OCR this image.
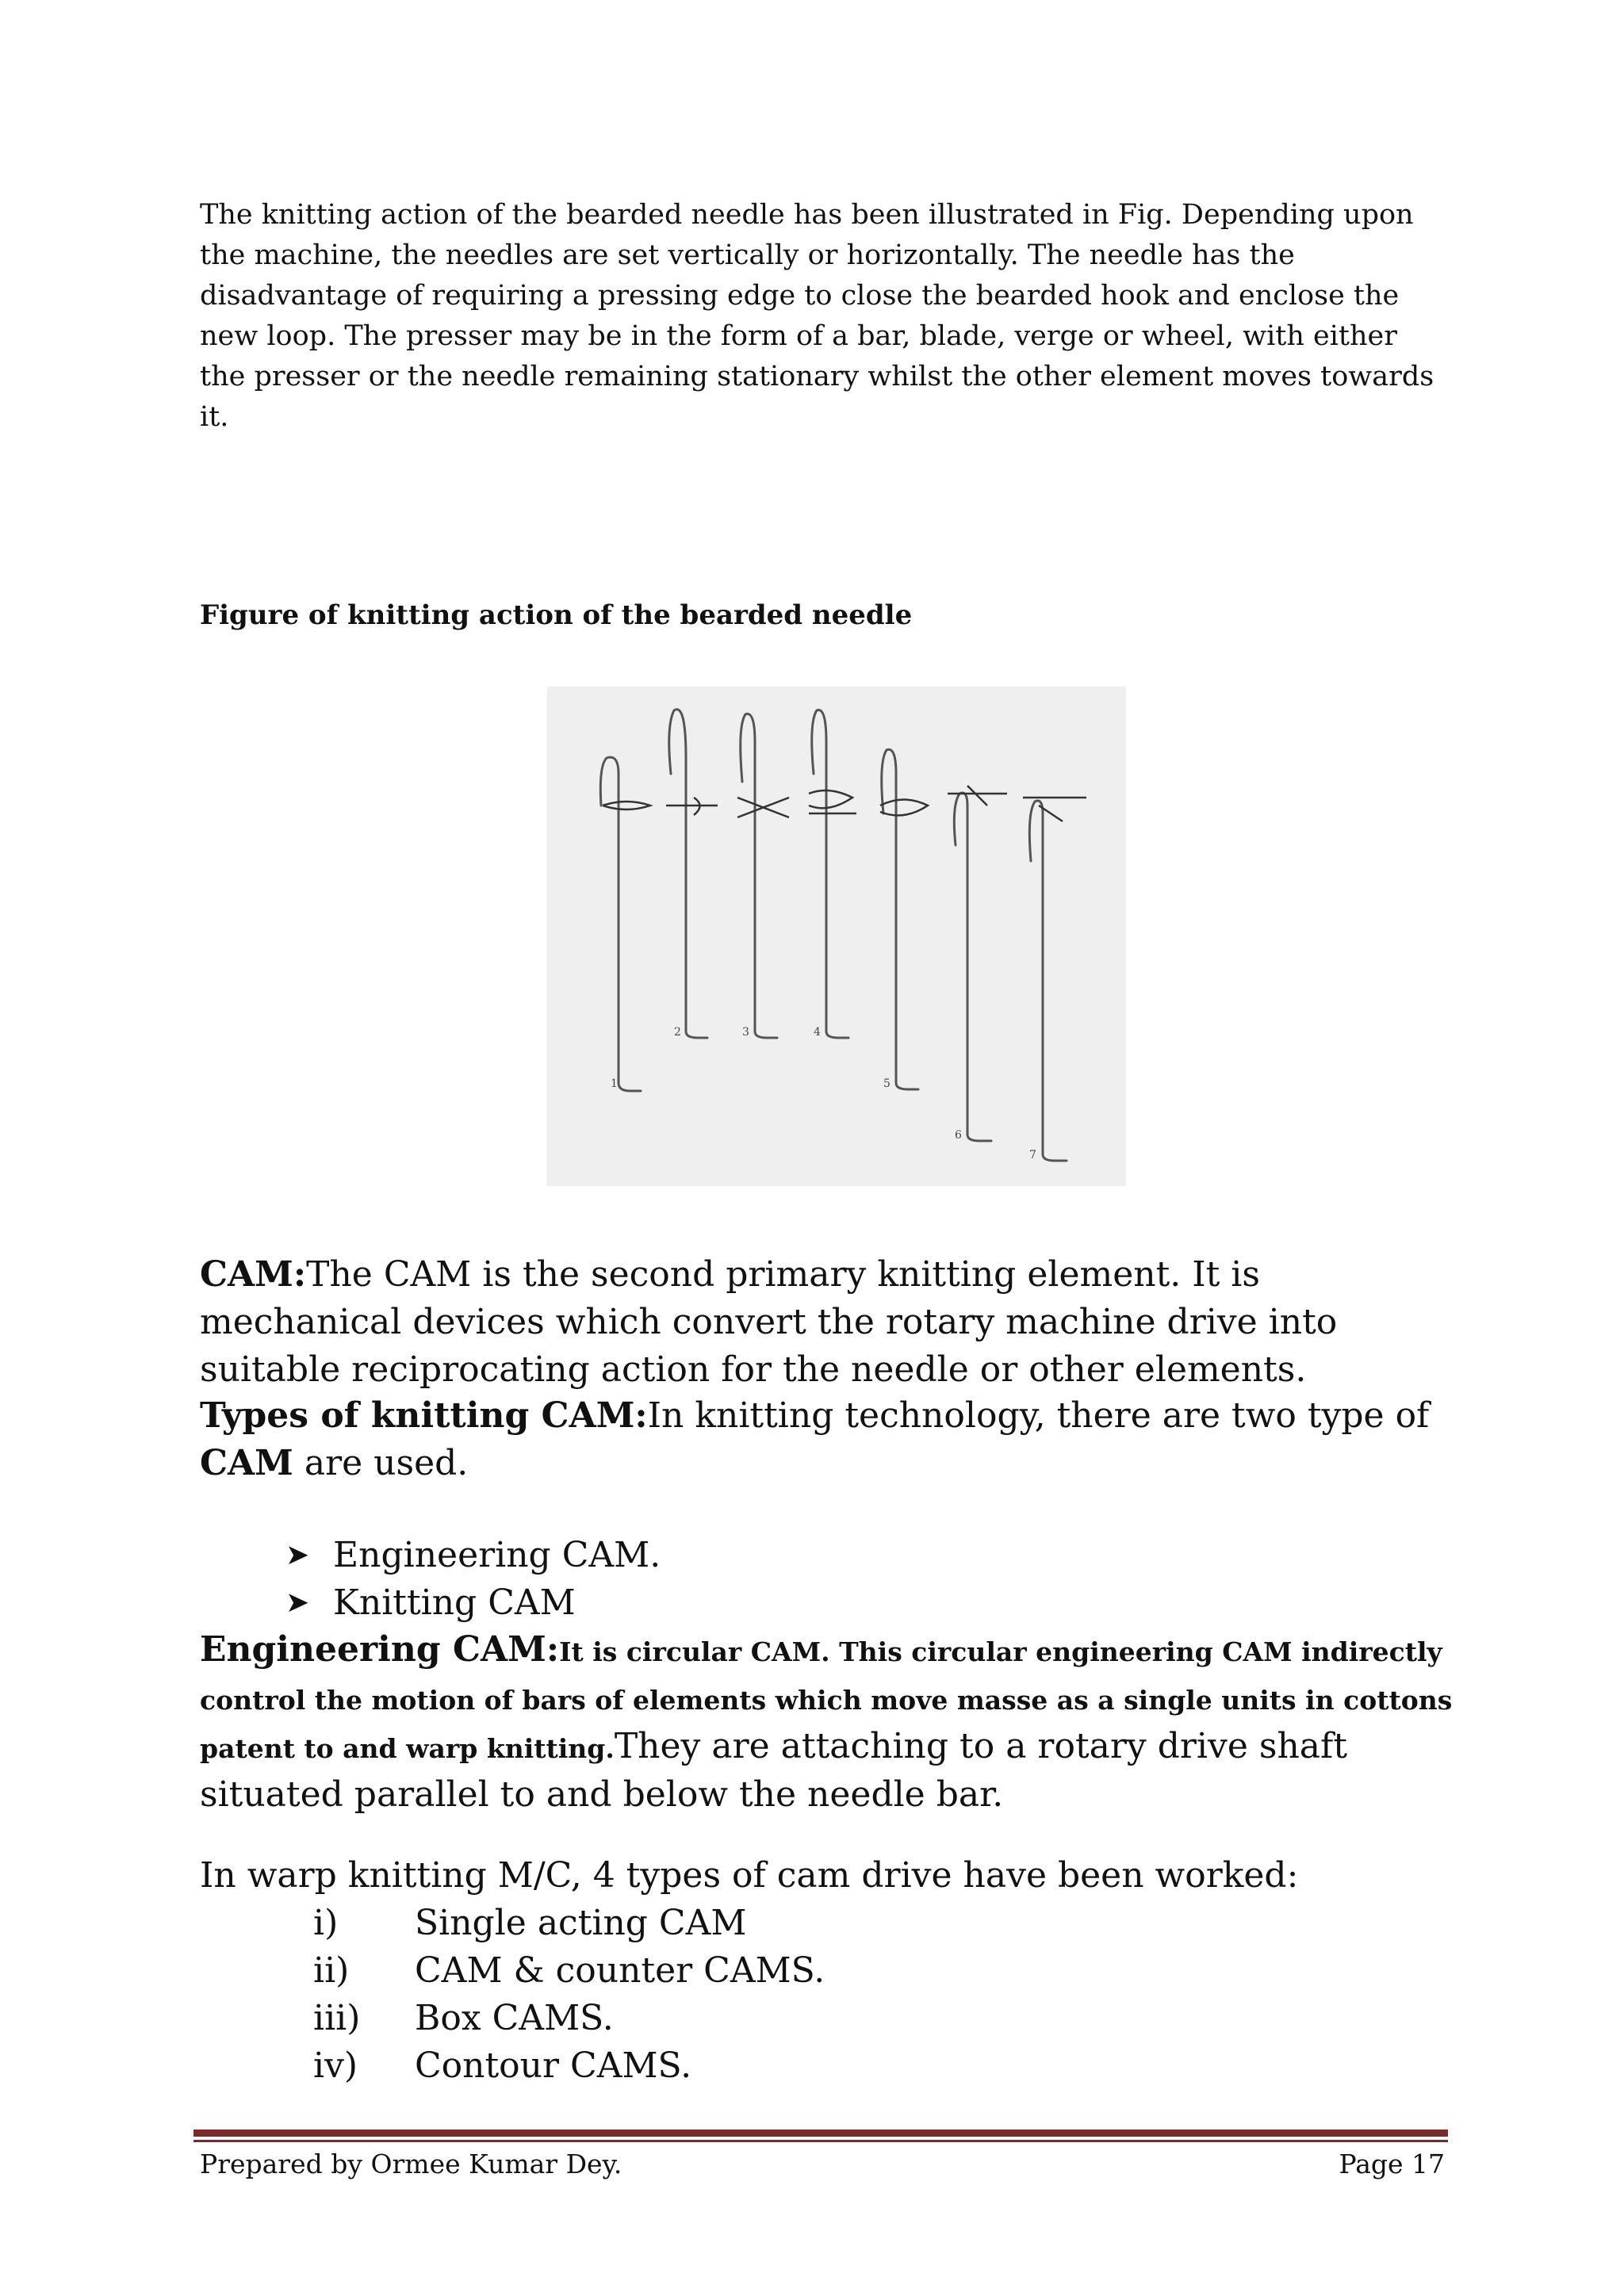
The knitting action of the bearded needle has been illustrated in Fig. Depending upon the machine, the needles are set vertically or horizontally. The needle has the disadvantage of requiring a pressing edge to close the bearded hook and enclose the new loop. The presser may be in the form of a bar, blade, verge or wheel, with either the presser or the needle remaining stationary whilst the other element moves towards it.

Figure of knitting action of the bearded needle

1
2	3	4
5
6
7

CAM:The CAM is the second primary knitting element. It is mechanical devices which convert the rotary machine drive into suitable reciprocating action for the needle or other elements.

Types of knitting CAM:In knitting technology, there are two type of CAM are used.

➤ Engineering CAM.
➤ Knitting CAM

Engineering CAM:It is circular CAM. This circular engineering CAM indirectly control the motion of bars of elements which move masse as a single units in cottons patent to and warp knitting.They are attaching to a rotary drive shaft situated parallel to and below the needle bar.

In warp knitting M/C, 4 types of cam drive have been worked:

i)	Single acting CAM
ii)	CAM & counter CAMS.
iii)	Box CAMS.
iv)	Contour CAMS.
Prepared by Ormee Kumar Dey.	Page 17
